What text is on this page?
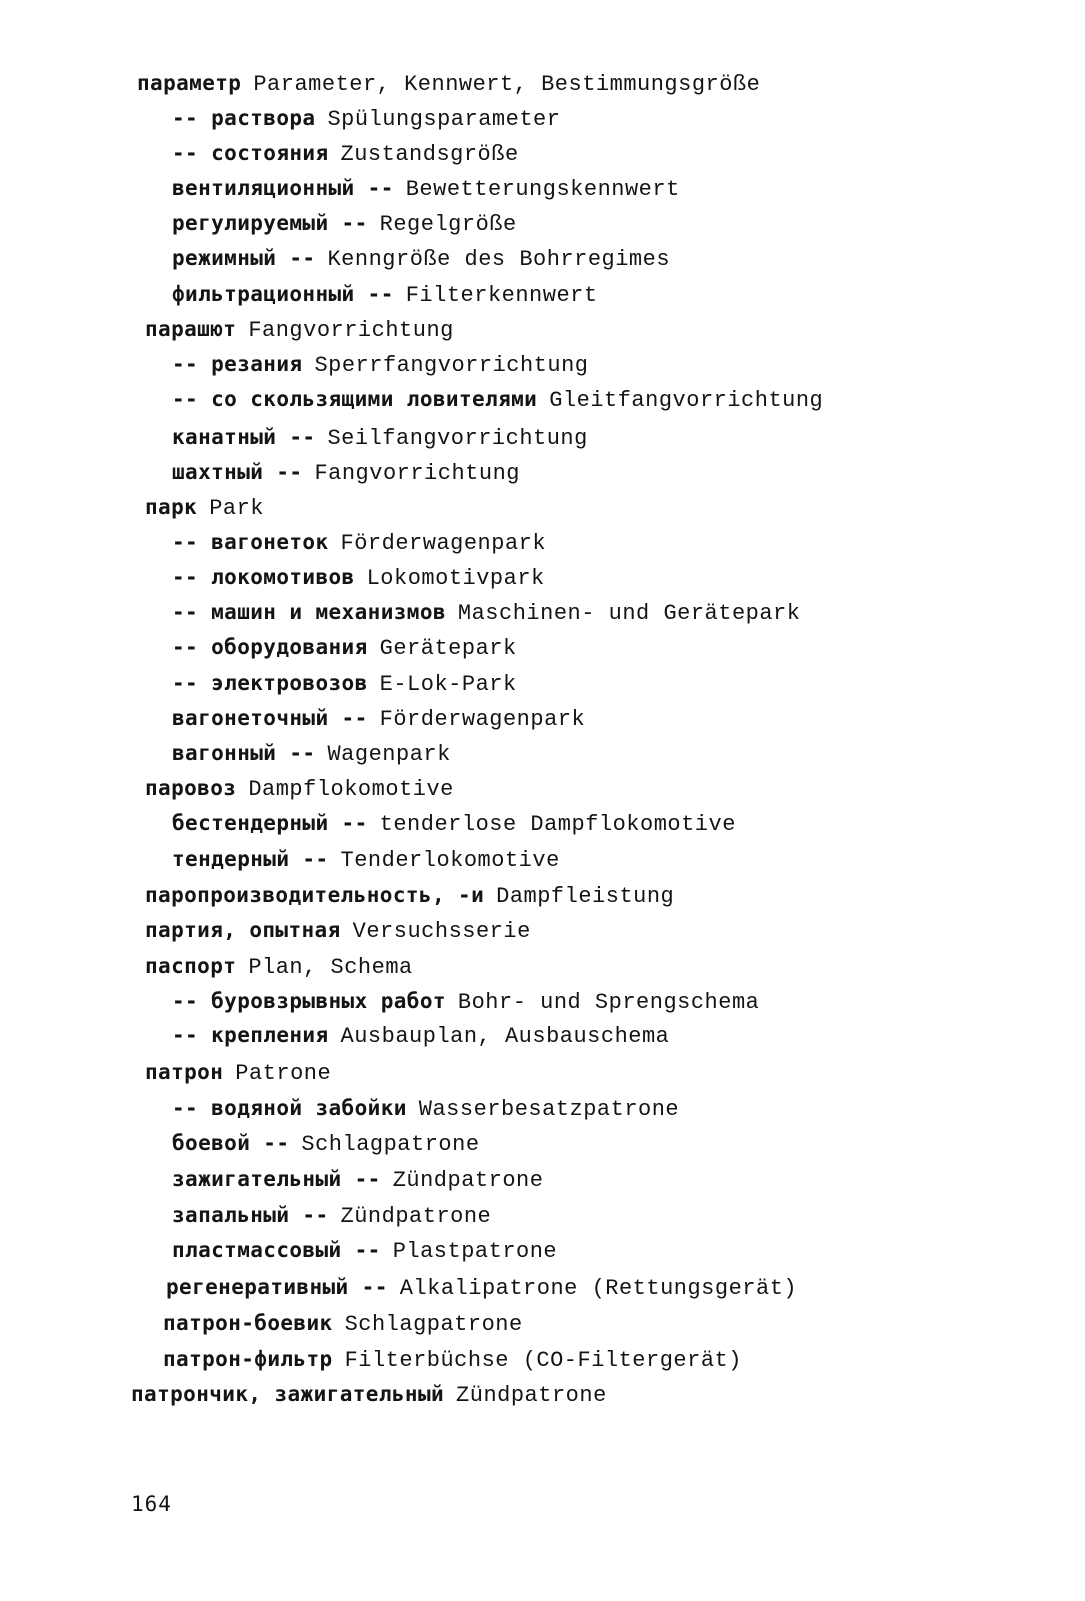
параметр Parameter, Kennwert, Bestimmungsgröße
-- раствора Spülungsparameter
-- состояния Zustandsgröße
вентиляционный -- Bewetterungskennwert
регулируемый -- Regelgröße
режимный -- Kenngröße des Bohrregimes
фильтрационный -- Filterkennwert
парашют Fangvorrichtung
-- резания Sperrfangvorrichtung
-- со скользящими ловителями Gleitfangvorrichtung
канатный -- Seilfangvorrichtung
шахтный -- Fangvorrichtung
парк Park
-- вагонеток Förderwagenpark
-- локомотивов Lokomotivpark
-- машин и механизмов Maschinen- und Gerätepark
-- оборудования Gerätepark
-- электровозов E-Lok-Park
вагонеточный -- Förderwagenpark
вагонный -- Wagenpark
паровоз Dampflokomotive
бестендерный -- tenderlose Dampflokomotive
тендерный -- Tenderlokomotive
паропроизводительность, -и Dampfleistung
партия, опытная Versuchsserie
паспорт Plan, Schema
-- буровзрывных работ Bohr- und Sprengschema
-- крепления Ausbauplan, Ausbauschema
патрон Patrone
-- водяной забойки Wasserbesatzpatrone
боевой -- Schlagpatrone
зажигательный -- Zündpatrone
запальный -- Zündpatrone
пластмассовый -- Plastpatrone
регенеративный -- Alkalipatrone (Rettungsgerät)
патрон-боевик Schlagpatrone
патрон-фильтр Filterbüchse (CO-Filtergerät)
патрончик, зажигательный Zündpatrone
164
